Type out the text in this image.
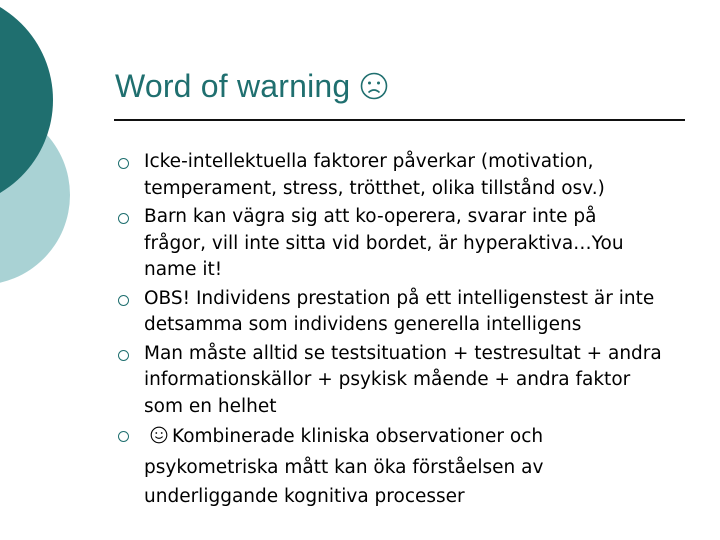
Word of warning
Icke-intellektuella faktorer påverkar (motivation, temperament, stress, trötthet, olika tillstånd osv.)
Barn kan vägra sig att ko-operera, svarar inte på frågor, vill inte sitta vid bordet, är hyperaktiva…You name it!
OBS! Individens prestation på ett intelligenstest är inte detsamma som individens generella intelligens
Man måste alltid se testsituation + testresultat + andra informationskällor + psykisk mående + andra faktor som en helhet
Kombinerade kliniska observationer och psykometriska mått kan öka förståelsen av underliggande kognitiva processer
